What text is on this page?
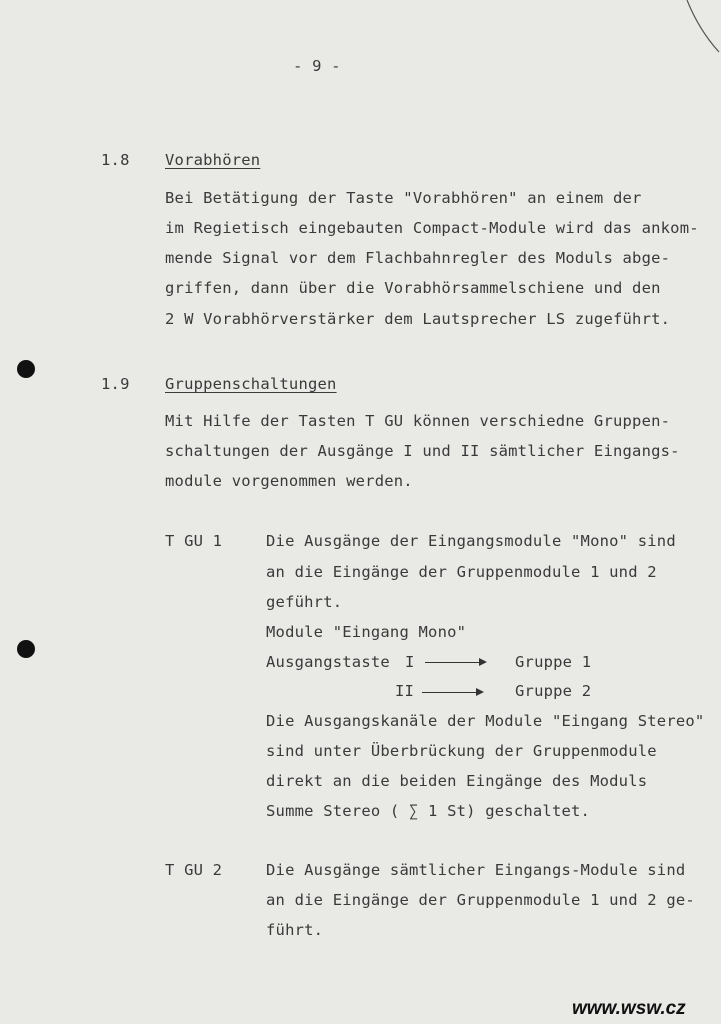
- 9 -
1.8 Vorabhören
Bei Betätigung der Taste "Vorabhören" an einem der
im Regietisch eingebauten Compact-Module wird das ankom-
mende Signal vor dem Flachbahnregler des Moduls abge-
griffen, dann über die Vorabhörsammelschiene und den
2 W Vorabhörverstärker dem Lautsprecher LS zugeführt.
1.9 Gruppenschaltungen
Mit Hilfe der Tasten T GU können verschiedne Gruppen-
schaltungen der Ausgänge I und II sämtlicher Eingangs-
module vorgenommen werden.
T GU 1	Die Ausgänge der Eingangsmodule "Mono" sind
an die Eingänge der Gruppenmodule 1 und 2
geführt.
Module "Eingang Mono"
Ausgangstaste I	Gruppe 1
II	Gruppe 2
Die Ausgangskanäle der Module "Eingang Stereo"
sind unter Überbrückung der Gruppenmodule
direkt an die beiden Eingänge des Moduls
Summe Stereo ( ∑ 1 St) geschaltet.
T GU 2	Die Ausgänge sämtlicher Eingangs-Module sind
an die Eingänge der Gruppenmodule 1 und 2 ge-
führt.
www.wsw.cz
